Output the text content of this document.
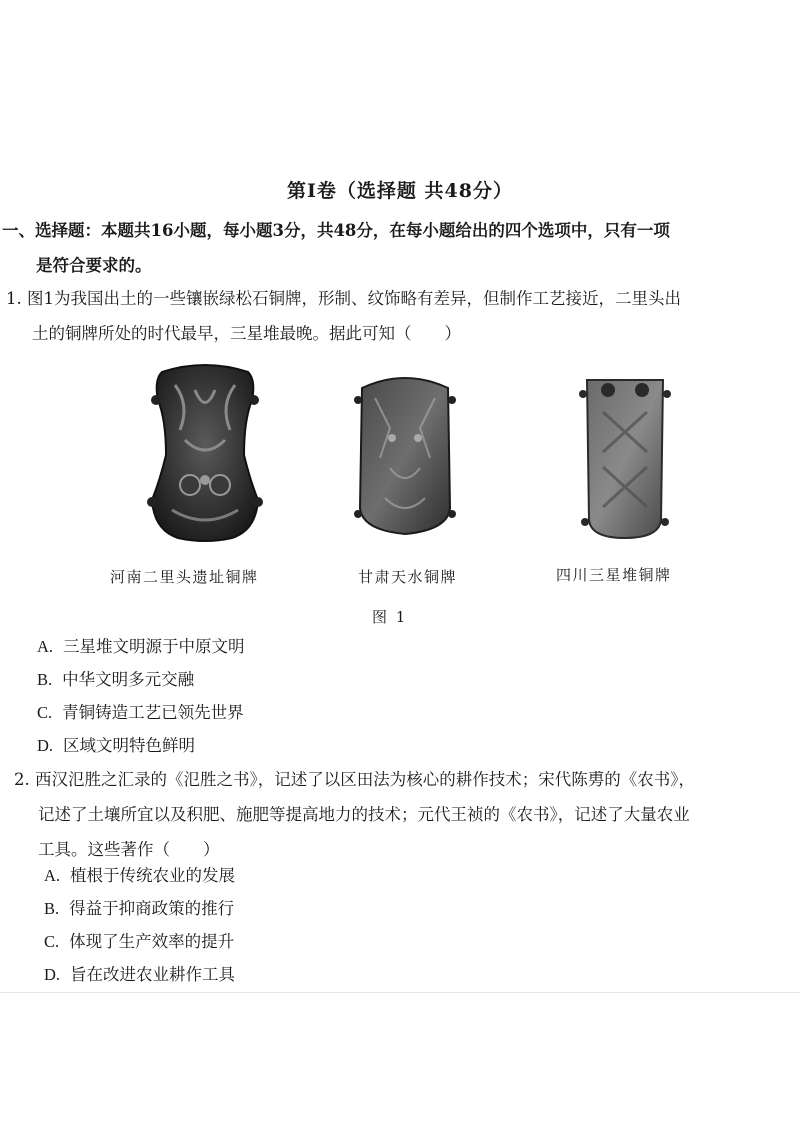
第Ⅰ卷（选择题 共48分）
一、选择题：本题共16小题，每小题3分，共48分，在每小题给出的四个选项中，只有一项
是符合要求的。
1. 图1为我国出土的一些镶嵌绿松石铜牌，形制、纹饰略有差异，但制作工艺接近，二里头出
土的铜牌所处的时代最早，三星堆最晚。据此可知（　　）
河南二里头遗址铜牌	甘肃天水铜牌	四川三星堆铜牌
图 1
A. 三星堆文明源于中原文明
B. 中华文明多元交融
C. 青铜铸造工艺已领先世界
D. 区域文明特色鲜明
2. 西汉氾胜之汇录的《氾胜之书》，记述了以区田法为核心的耕作技术；宋代陈旉的《农书》，
记述了土壤所宜以及积肥、施肥等提高地力的技术；元代王祯的《农书》，记述了大量农业
工具。这些著作（　　）
A. 植根于传统农业的发展
B. 得益于抑商政策的推行
C. 体现了生产效率的提升
D. 旨在改进农业耕作工具
